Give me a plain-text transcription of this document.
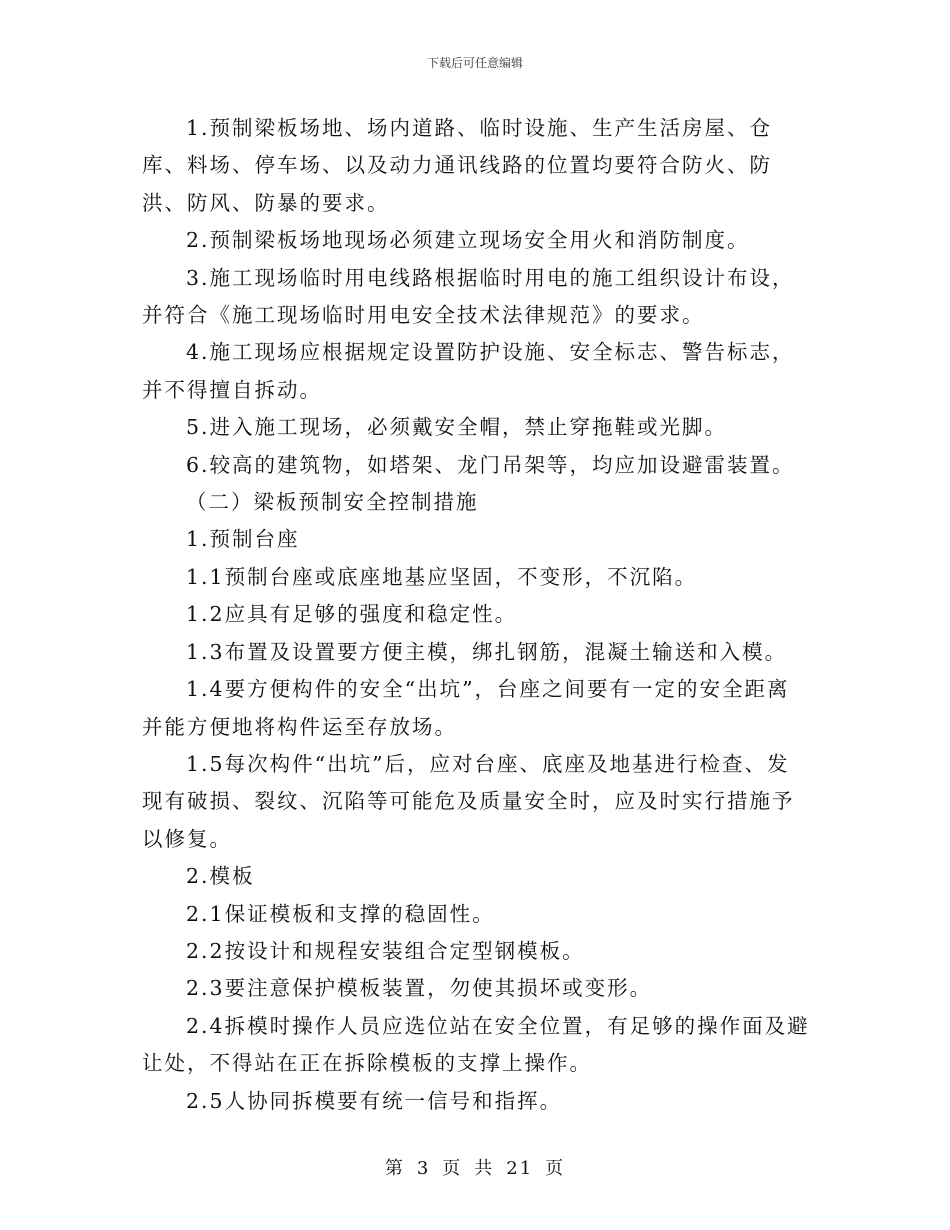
下载后可任意编辑

1.预制梁板场地、场内道路、临时设施、生产生活房屋、仓库、料场、停车场、以及动力通讯线路的位置均要符合防火、防洪、防风、防暴的要求。

2.预制梁板场地现场必须建立现场安全用火和消防制度。

3.施工现场临时用电线路根据临时用电的施工组织设计布设，并符合《施工现场临时用电安全技术法律规范》的要求。

4.施工现场应根据规定设置防护设施、安全标志、警告标志，并不得擅自拆动。

5.进入施工现场，必须戴安全帽，禁止穿拖鞋或光脚。

6.较高的建筑物，如塔架、龙门吊架等，均应加设避雷装置。

（二）梁板预制安全控制措施

1.预制台座

1.1预制台座或底座地基应坚固，不变形，不沉陷。

1.2应具有足够的强度和稳定性。

1.3布置及设置要方便主模，绑扎钢筋，混凝土输送和入模。

1.4要方便构件的安全“出坑”，台座之间要有一定的安全距离并能方便地将构件运至存放场。

1.5每次构件“出坑”后，应对台座、底座及地基进行检查、发现有破损、裂纹、沉陷等可能危及质量安全时，应及时实行措施予以修复。

2.模板

2.1保证模板和支撑的稳固性。

2.2按设计和规程安装组合定型钢模板。

2.3要注意保护模板装置，勿使其损坏或变形。

2.4拆模时操作人员应选位站在安全位置，有足够的操作面及避让处，不得站在正在拆除模板的支撑上操作。

2.5人协同拆模要有统一信号和指挥。

第 3 页 共 21 页
